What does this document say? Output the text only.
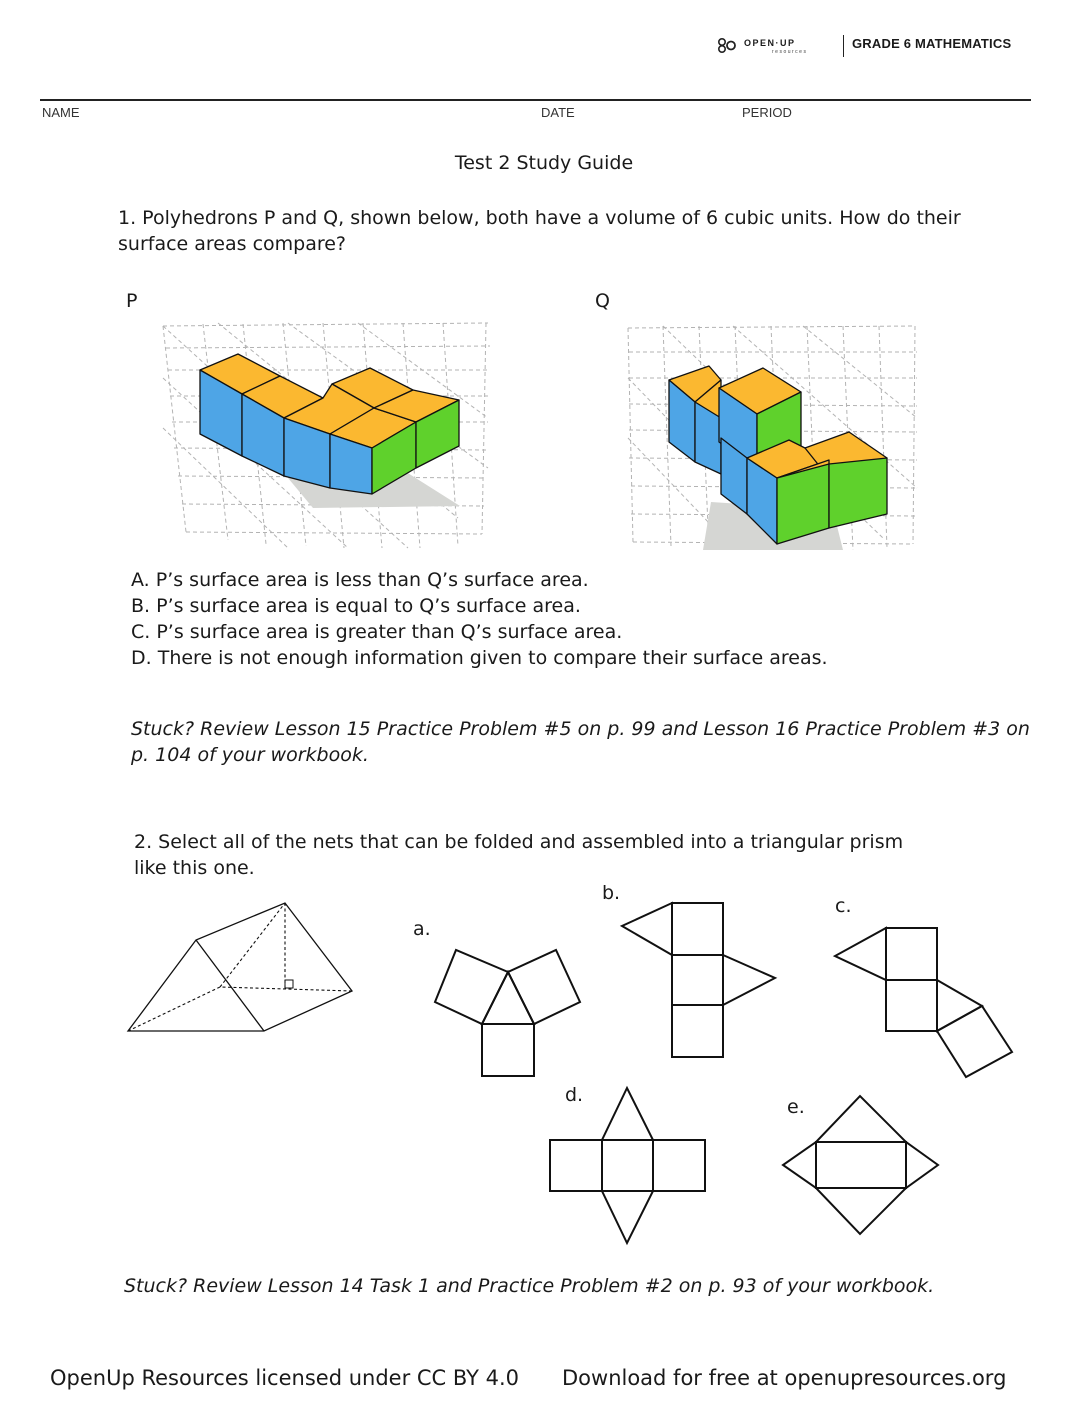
OPEN·UP
resources
GRADE 6 MATHEMATICS
NAME	DATE	PERIOD
Test 2 Study Guide
1. Polyhedrons P and Q, shown below, both have a volume of 6 cubic units. How do their
surface areas compare?
P	Q
A. P’s surface area is less than Q’s surface area.
B. P’s surface area is equal to Q’s surface area.
C. P’s surface area is greater than Q’s surface area.
D. There is not enough information given to compare their surface areas.
Stuck? Review Lesson 15 Practice Problem #5 on p. 99 and Lesson 16 Practice Problem #3 on
p. 104 of your workbook.
2. Select all of the nets that can be folded and assembled into a triangular prism
like this one.
a.
b.
c.
d.
e.
Stuck? Review Lesson 14 Task 1 and Practice Problem #2 on p. 93 of your workbook.
OpenUp Resources licensed under CC BY 4.0 Download for free at openupresources.org
